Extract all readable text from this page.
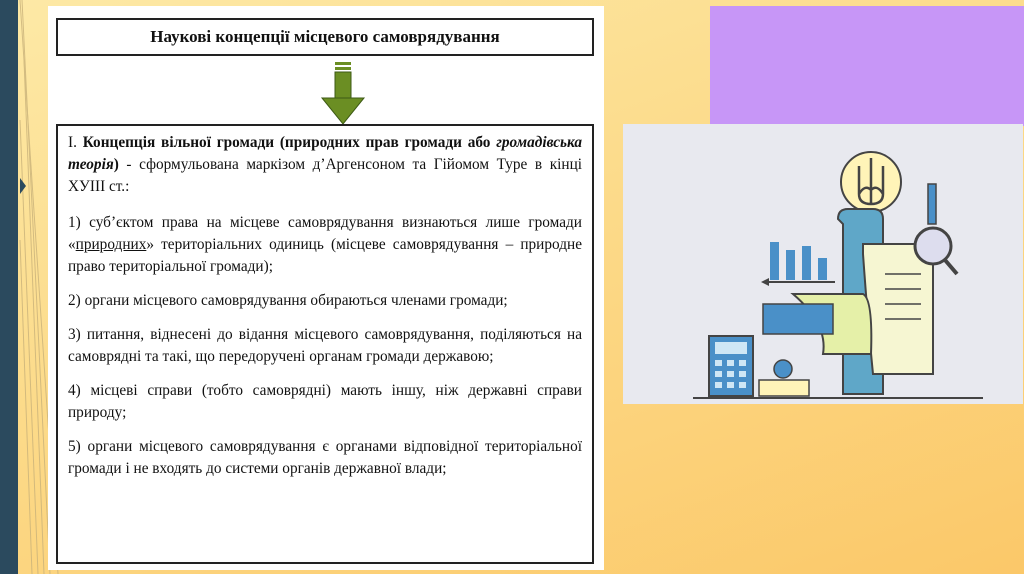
Наукові концепції місцевого самоврядування

І. Концепція вільної громади (природних прав громади або громадівська теорія) - сформульована маркізом д’Аргенсоном та Гійомом Туре в кінці ХУІІІ ст.:

1) суб’єктом права на місцеве самоврядування визнаються лише громади «природних» територіальних одиниць (місцеве самоврядування – природне право територіальної громади);

2) органи місцевого самоврядування обираються членами громади;

3) питання, віднесені до відання місцевого самоврядування, поділяються на самоврядні та такі, що передоручені органам громади державою;

4) місцеві справи (тобто самоврядні) мають іншу, ніж державні справи природу;

5) органи місцевого самоврядування є органами відповідної територіальної громади і не входять до системи органів державної влади;
